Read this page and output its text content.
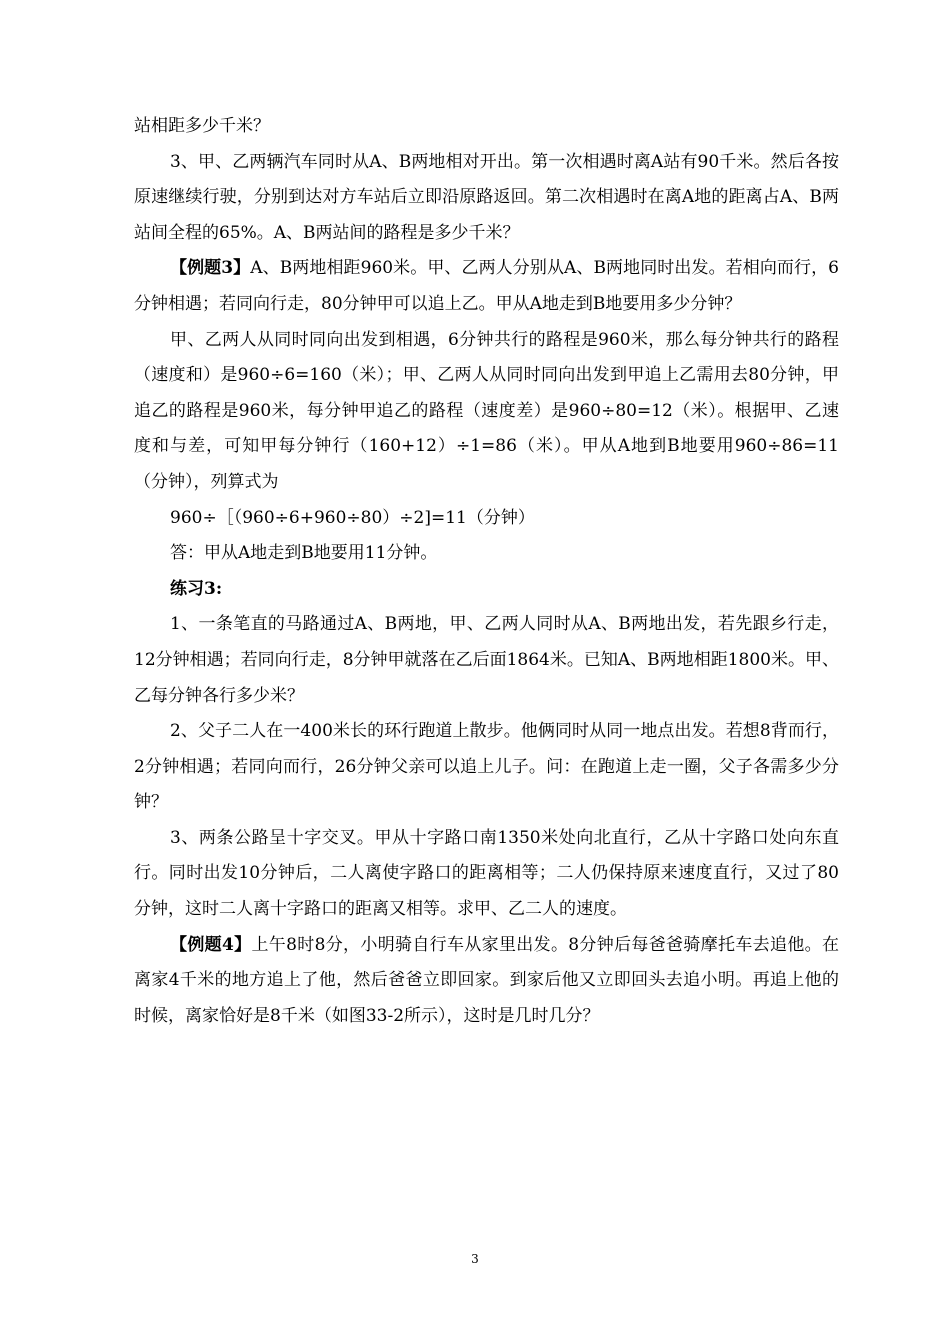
站相距多少千米？

3、甲、乙两辆汽车同时从A、B两地相对开出。第一次相遇时离A站有90千米。然后各按原速继续行驶，分别到达对方车站后立即沿原路返回。第二次相遇时在离A地的距离占A、B两站间全程的65%。A、B两站间的路程是多少千米？

【例题3】A、B两地相距960米。甲、乙两人分别从A、B两地同时出发。若相向而行，6分钟相遇；若同向行走，80分钟甲可以追上乙。甲从A地走到B地要用多少分钟？

甲、乙两人从同时同向出发到相遇，6分钟共行的路程是960米，那么每分钟共行的路程（速度和）是960÷6=160（米）；甲、乙两人从同时同向出发到甲追上乙需用去80分钟，甲追乙的路程是960米，每分钟甲追乙的路程（速度差）是960÷80=12（米）。根据甲、乙速度和与差，可知甲每分钟行（160+12）÷1=86（米）。甲从A地到B地要用960÷86=11（分钟），列算式为

960÷［（960÷6+960÷80）÷2]=11（分钟）

答：甲从A地走到B地要用11分钟。

练习3:

1、一条笔直的马路通过A、B两地，甲、乙两人同时从A、B两地出发，若先跟乡行走，12分钟相遇；若同向行走，8分钟甲就落在乙后面1864米。已知A、B两地相距1800米。甲、乙每分钟各行多少米？

2、父子二人在一400米长的环行跑道上散步。他俩同时从同一地点出发。若想8背而行，2分钟相遇；若同向而行，26分钟父亲可以追上儿子。问：在跑道上走一圈，父子各需多少分钟？

3、两条公路呈十字交叉。甲从十字路口南1350米处向北直行，乙从十字路口处向东直行。同时出发10分钟后，二人离使字路口的距离相等；二人仍保持原来速度直行，又过了80分钟，这时二人离十字路口的距离又相等。求甲、乙二人的速度。

【例题4】上午8时8分，小明骑自行车从家里出发。8分钟后每爸爸骑摩托车去追他。在离家4千米的地方追上了他，然后爸爸立即回家。到家后他又立即回头去追小明。再追上他的时候，离家恰好是8千米（如图33-2所示），这时是几时几分？

3
